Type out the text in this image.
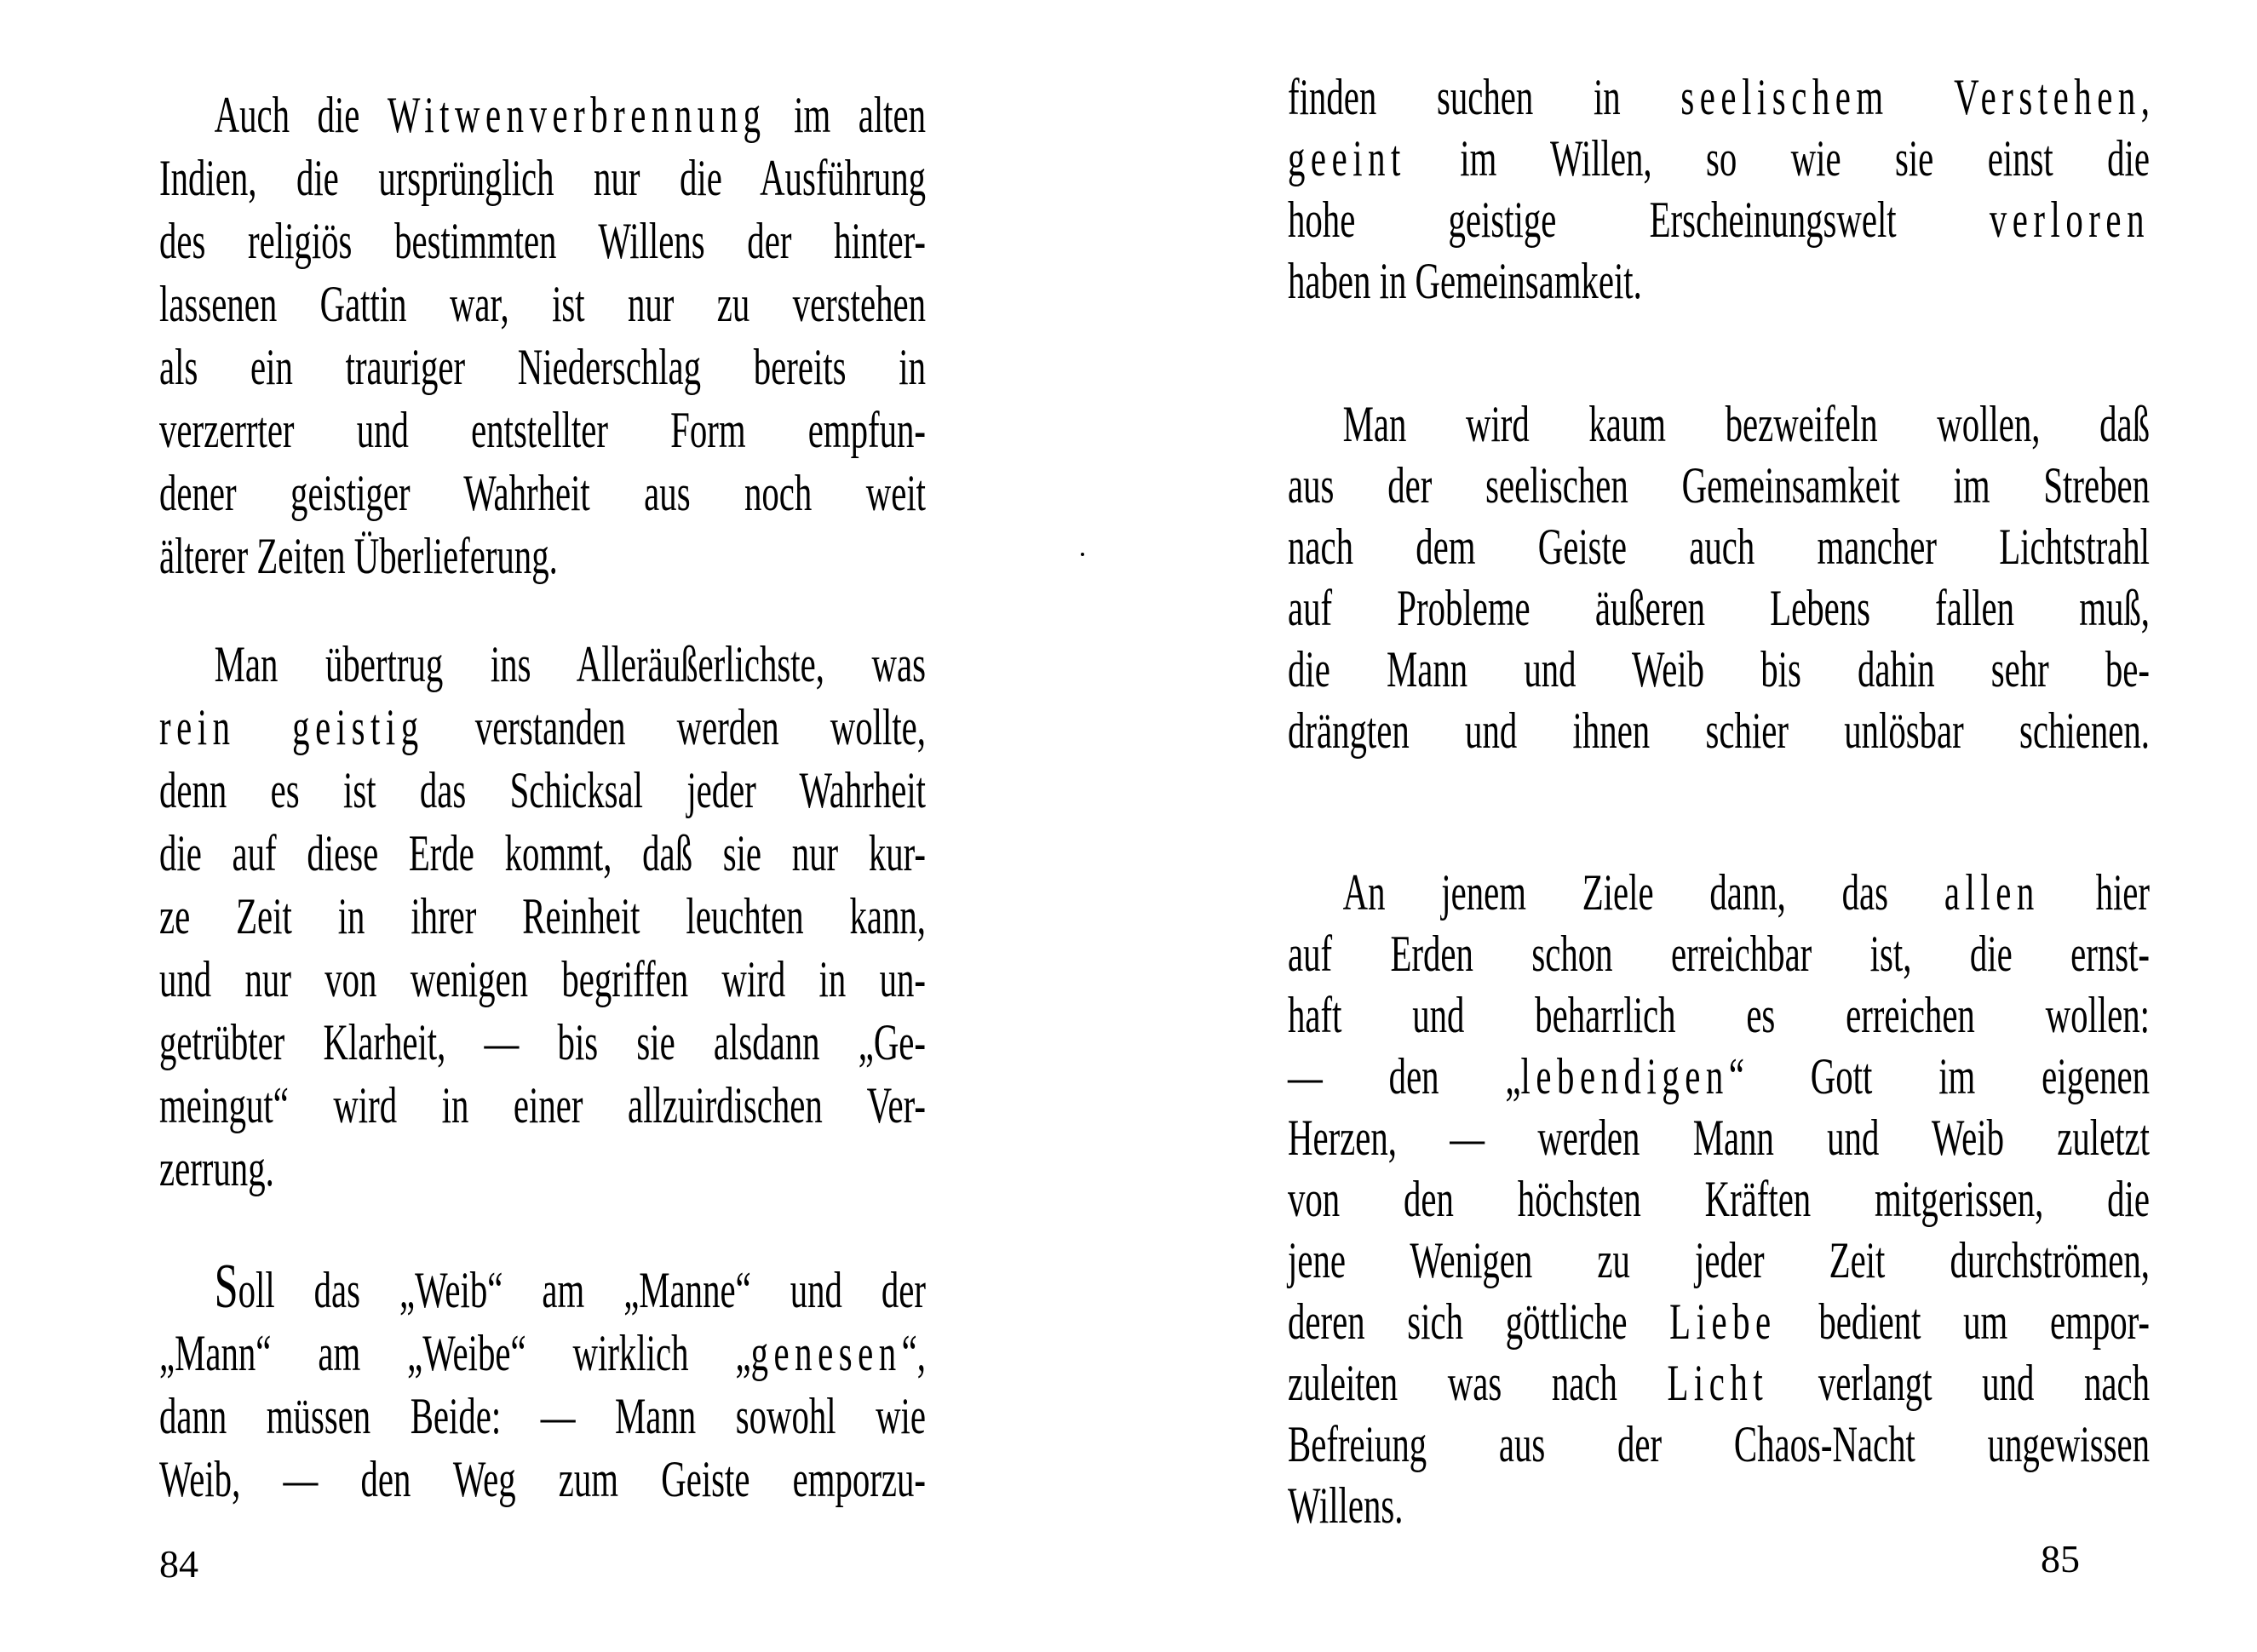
Auch die Witwenverbrennung im alten
Indien, die ursprünglich nur die Ausführung
des religiös bestimmten Willens der hinter-
lassenen Gattin war, ist nur zu verstehen
als ein trauriger Niederschlag bereits in
verzerrter und entstellter Form empfun-
dener geistiger Wahrheit aus noch weit
älterer Zeiten Überlieferung.
Man übertrug ins Alleräußerlichste, was
rein geistig verstanden werden wollte,
denn es ist das Schicksal jeder Wahrheit
die auf diese Erde kommt, daß sie nur kur-
ze Zeit in ihrer Reinheit leuchten kann,
und nur von wenigen begriffen wird in un-
getrübter Klarheit, — bis sie alsdann „Ge-
meingut“ wird in einer allzuirdischen Ver-
zerrung.
Soll das „Weib“ am „Manne“ und der
„Mann“ am „Weibe“ wirklich „genesen“,
dann müssen Beide: — Mann sowohl wie
Weib, — den Weg zum Geiste emporzu-
finden suchen in seelischem Verstehen,
geeint im Willen, so wie sie einst die
hohe geistige Erscheinungswelt verloren
haben in Gemeinsamkeit.
Man wird kaum bezweifeln wollen, daß
aus der seelischen Gemeinsamkeit im Streben
nach dem Geiste auch mancher Lichtstrahl
auf Probleme äußeren Lebens fallen muß,
die Mann und Weib bis dahin sehr be-
drängten und ihnen schier unlösbar schienen.
An jenem Ziele dann, das allen hier
auf Erden schon erreichbar ist, die ernst-
haft und beharrlich es erreichen wollen:
— den „lebendigen“ Gott im eigenen
Herzen, — werden Mann und Weib zuletzt
von den höchsten Kräften mitgerissen, die
jene Wenigen zu jeder Zeit durchströmen,
deren sich göttliche Liebe bedient um empor-
zuleiten was nach Licht verlangt und nach
Befreiung aus der Chaos-Nacht ungewissen
Willens.
84	85
